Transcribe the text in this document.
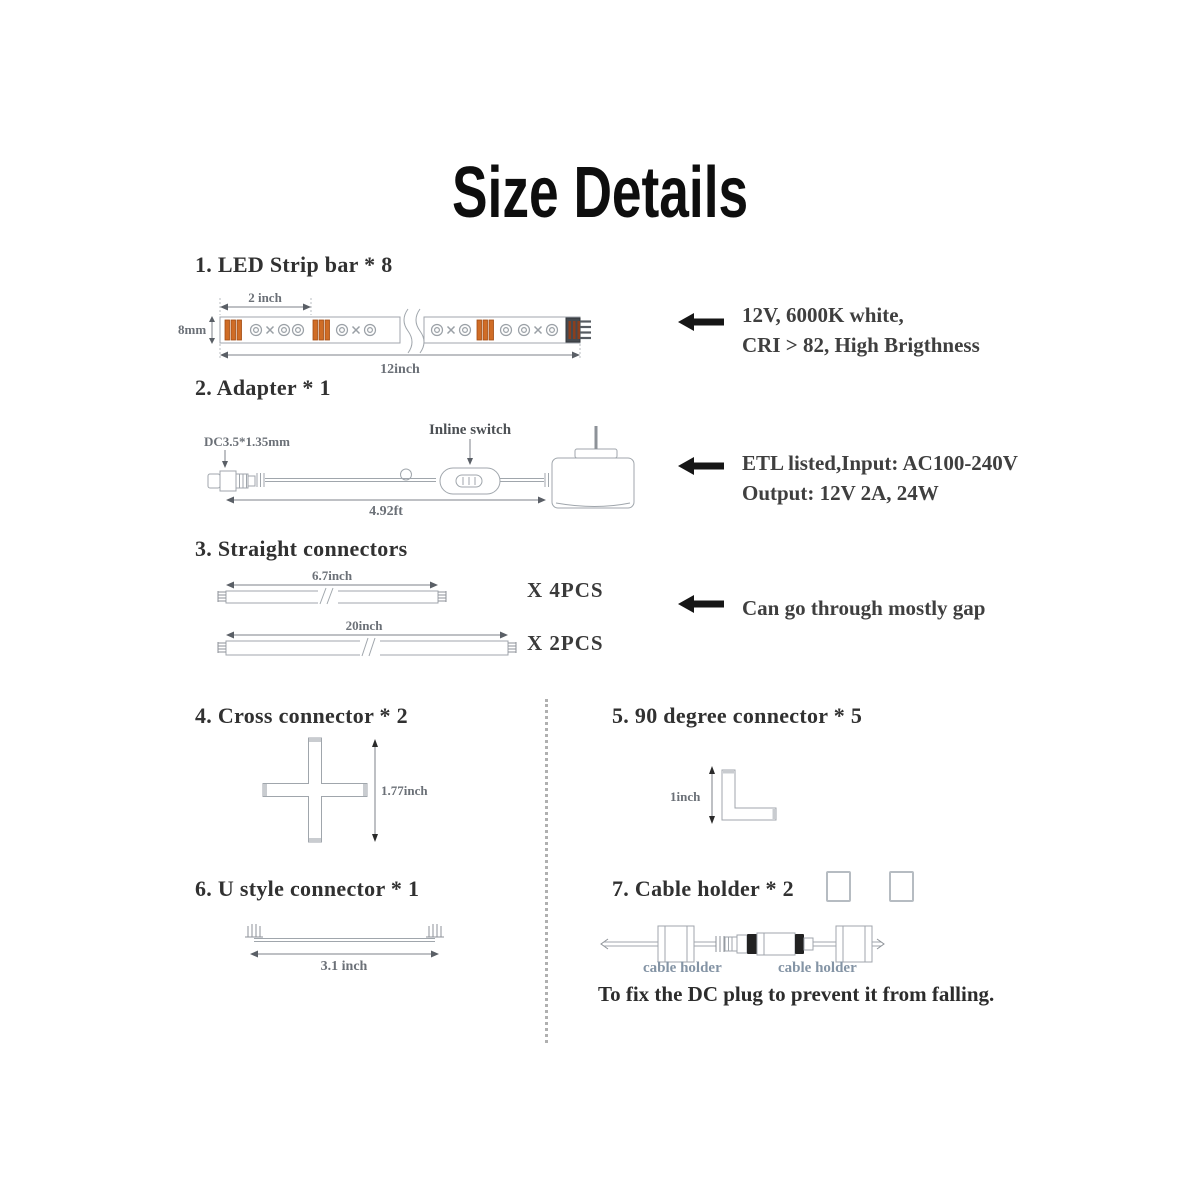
Size Details
1. LED Strip bar * 8
8mm
2 inch
12inch
12V, 6000K white,
CRI > 82, High Brigthness
2. Adapter * 1
DC3.5*1.35mm
Inline switch
4.92ft
ETL listed,Input: AC100-240V
Output: 12V 2A, 24W
3. Straight connectors
6.7inch
X 4PCS
20inch
X 2PCS
Can go through mostly gap
4. Cross connector * 2
1.77inch
5. 90 degree connector * 5
1inch
6. U style connector * 1
3.1 inch
7. Cable holder * 2
cable holder	cable holder
To fix the DC plug to prevent it from falling.
